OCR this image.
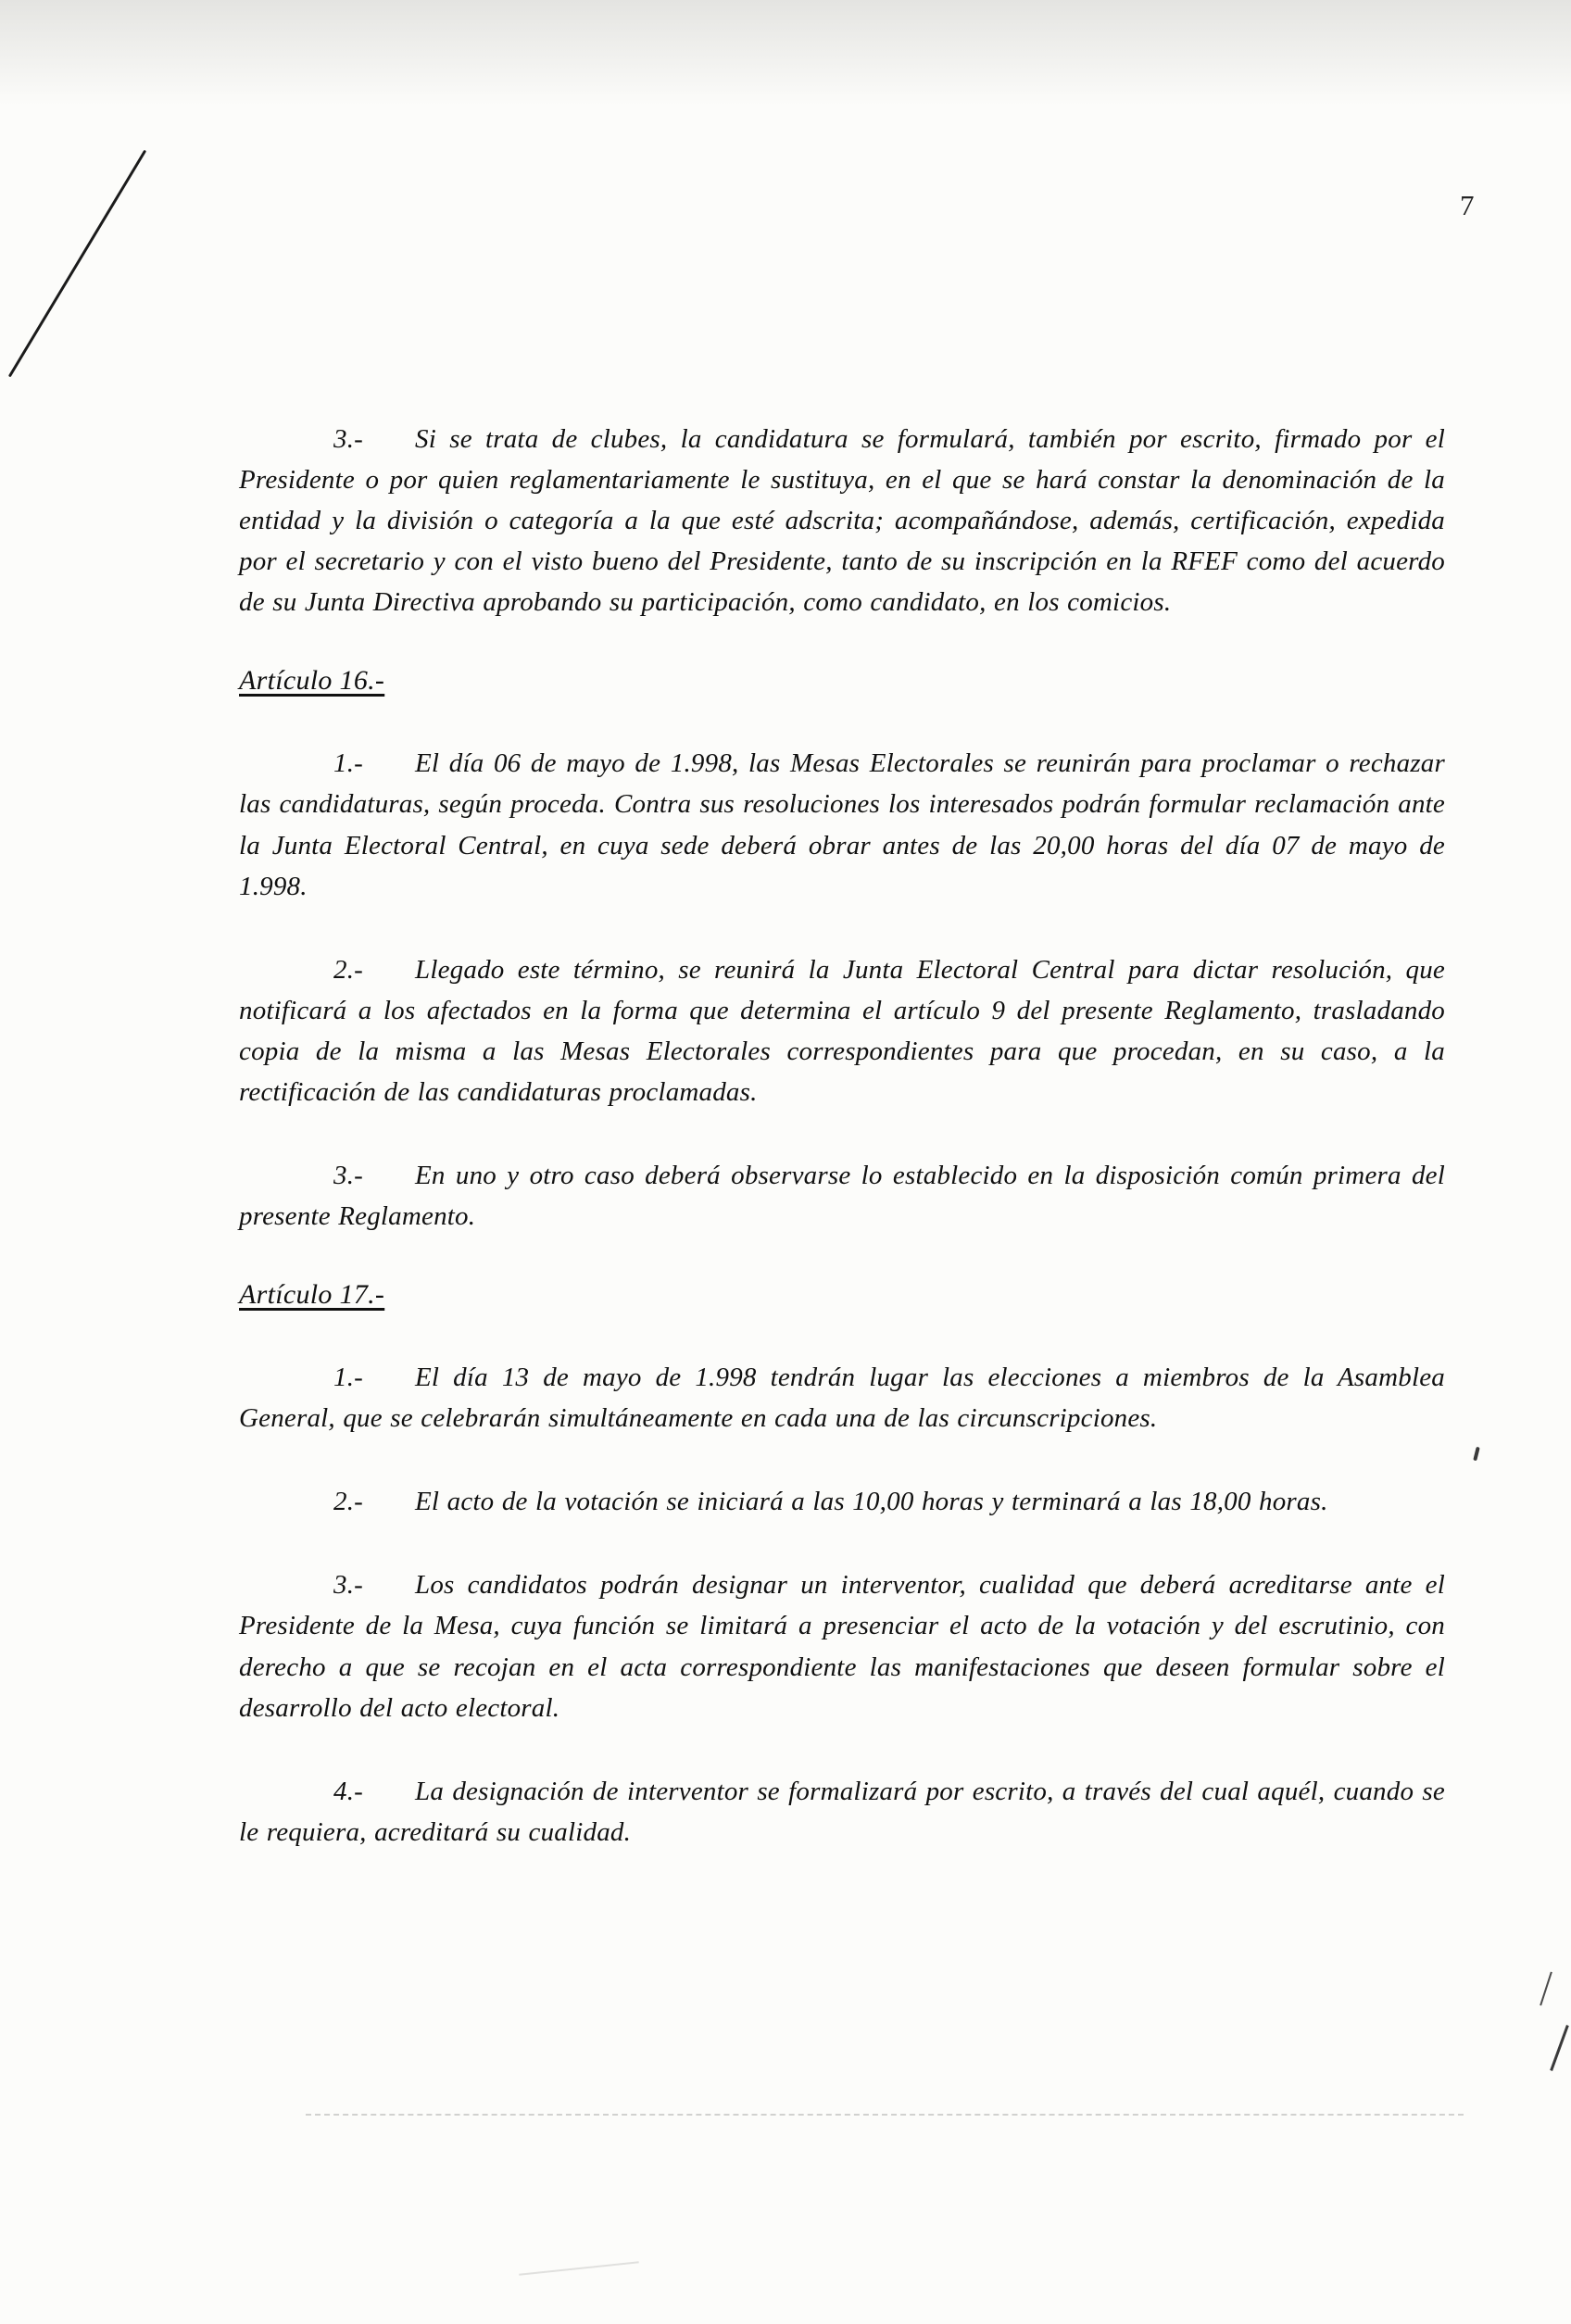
7

3.- Si se trata de clubes, la candidatura se formulará, también por escrito, firmado por el Presidente o por quien reglamentariamente le sustituya, en el que se hará constar la denominación de la entidad y la división o categoría a la que esté adscrita; acompañándose, además, certificación, expedida por el secretario y con el visto bueno del Presidente, tanto de su inscripción en la RFEF como del acuerdo de su Junta Directiva aprobando su participación, como candidato, en los comicios.

Artículo 16.-

1.- El día 06 de mayo de 1.998, las Mesas Electorales se reunirán para proclamar o rechazar las candidaturas, según proceda. Contra sus resoluciones los interesados podrán formular reclamación ante la Junta Electoral Central, en cuya sede deberá obrar antes de las 20,00 horas del día 07 de mayo de 1.998.

2.- Llegado este término, se reunirá la Junta Electoral Central para dictar resolución, que notificará a los afectados en la forma que determina el artículo 9 del presente Reglamento, trasladando copia de la misma a las Mesas Electorales correspondientes para que procedan, en su caso, a la rectificación de las candidaturas proclamadas.

3.- En uno y otro caso deberá observarse lo establecido en la disposición común primera del presente Reglamento.

Artículo 17.-

1.- El día 13 de mayo de 1.998 tendrán lugar las elecciones a miembros de la Asamblea General, que se celebrarán simultáneamente en cada una de las circunscripciones.

2.- El acto de la votación se iniciará a las 10,00 horas y terminará a las 18,00 horas.

3.- Los candidatos podrán designar un interventor, cualidad que deberá acreditarse ante el Presidente de la Mesa, cuya función se limitará a presenciar el acto de la votación y del escrutinio, con derecho a que se recojan en el acta correspondiente las manifestaciones que deseen formular sobre el desarrollo del acto electoral.

4.- La designación de interventor se formalizará por escrito, a través del cual aquél, cuando se le requiera, acreditará su cualidad.
